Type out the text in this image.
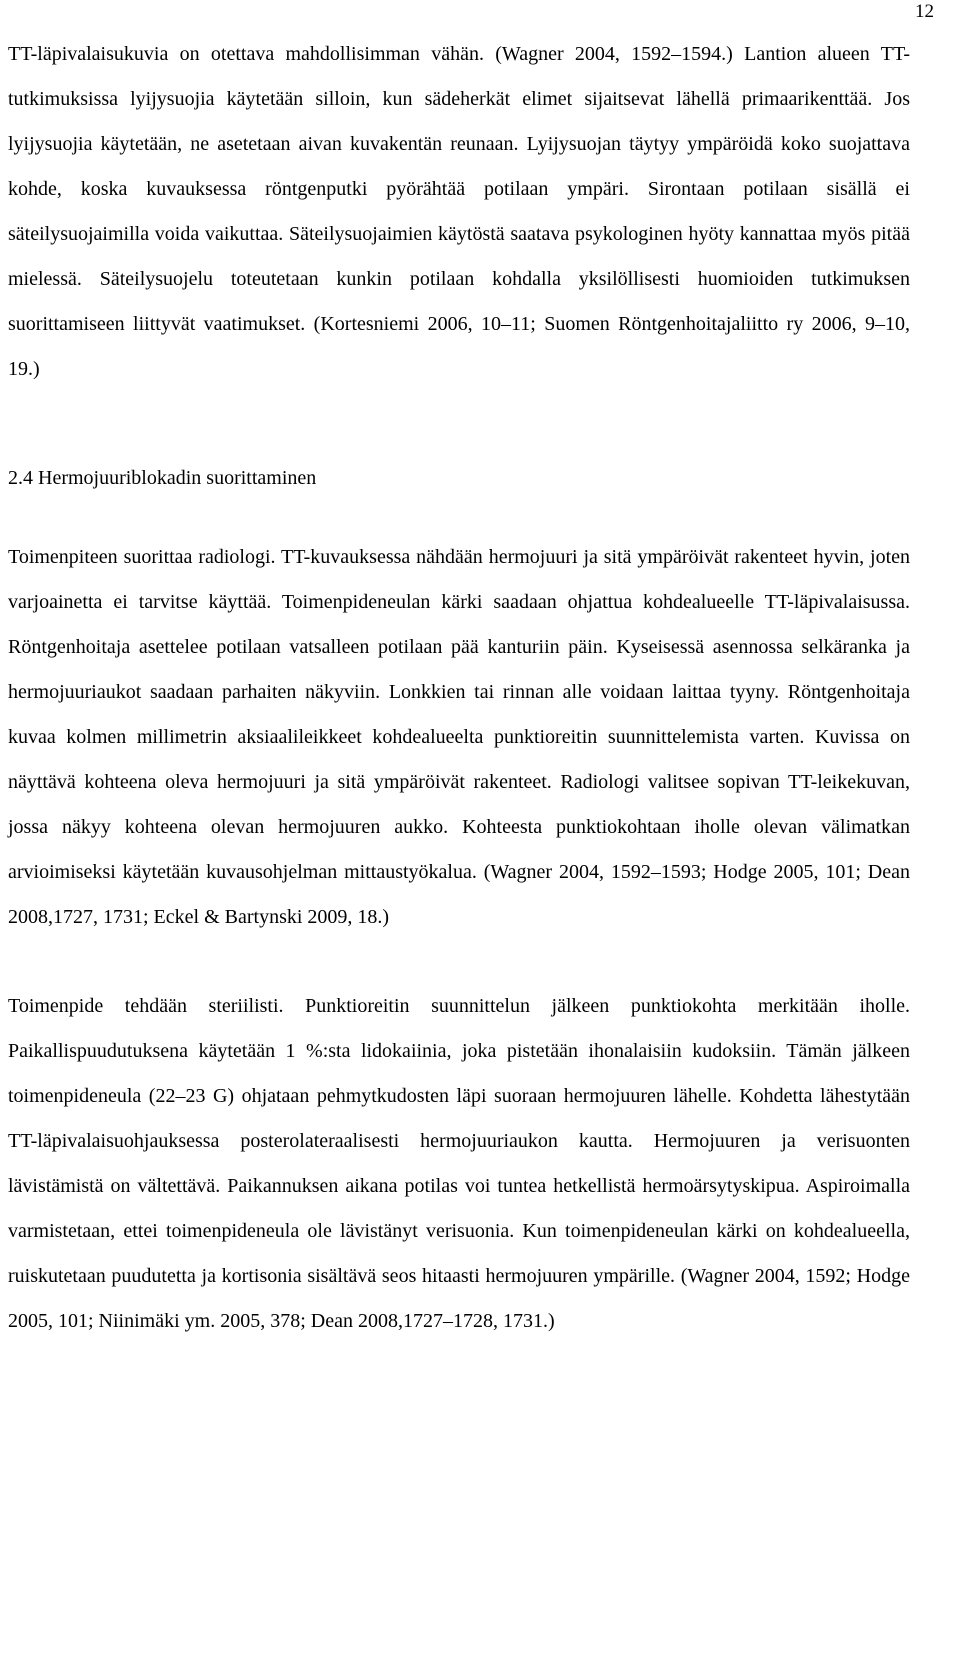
12

TT-läpivalaisukuvia on otettava mahdollisimman vähän. (Wagner 2004, 1592–1594.) Lantion alueen TT-tutkimuksissa lyijysuojia käytetään silloin, kun sädeherkät elimet sijaitsevat lähellä primaarikenttää. Jos lyijysuojia käytetään, ne asetetaan aivan kuvakentän reunaan. Lyijysuojan täytyy ympäröidä koko suojattava kohde, koska kuvauksessa röntgenputki pyörähtää potilaan ympäri. Sirontaan potilaan sisällä ei säteilysuojaimilla voida vaikuttaa. Säteilysuojaimien käytöstä saatava psykologinen hyöty kannattaa myös pitää mielessä. Säteilysuojelu toteutetaan kunkin potilaan kohdalla yksilöllisesti huomioiden tutkimuksen suorittamiseen liittyvät vaatimukset. (Kortesniemi 2006, 10–11; Suomen Röntgenhoitajaliitto ry 2006, 9–10, 19.)

2.4 Hermojuuriblokadin suorittaminen

Toimenpiteen suorittaa radiologi. TT-kuvauksessa nähdään hermojuuri ja sitä ympäröivät rakenteet hyvin, joten varjoainetta ei tarvitse käyttää. Toimenpideneulan kärki saadaan ohjattua kohdealueelle TT-läpivalaisussa. Röntgenhoitaja asettelee potilaan vatsalleen potilaan pää kanturiin päin. Kyseisessä asennossa selkäranka ja hermojuuriaukot saadaan parhaiten näkyviin. Lonkkien tai rinnan alle voidaan laittaa tyyny. Röntgenhoitaja kuvaa kolmen millimetrin aksiaalileikkeet kohdealueelta punktioreitin suunnittelemista varten. Kuvissa on näyttävä kohteena oleva hermojuuri ja sitä ympäröivät rakenteet. Radiologi valitsee sopivan TT-leikekuvan, jossa näkyy kohteena olevan hermojuuren aukko. Kohteesta punktiokohtaan iholle olevan välimatkan arvioimiseksi käytetään kuvausohjelman mittaustyökalua. (Wagner 2004, 1592–1593; Hodge 2005, 101; Dean 2008,1727, 1731; Eckel & Bartynski 2009, 18.)

Toimenpide tehdään steriilisti. Punktioreitin suunnittelun jälkeen punktiokohta merkitään iholle. Paikallispuudutuksena käytetään 1 %:sta lidokaiinia, joka pistetään ihonalaisiin kudoksiin. Tämän jälkeen toimenpideneula (22–23 G) ohjataan pehmytkudosten läpi suoraan hermojuuren lähelle. Kohdetta lähestytään TT-läpivalaisuohjauksessa posterolateraalisesti hermojuuriaukon kautta. Hermojuuren ja verisuonten lävistämistä on vältettävä. Paikannuksen aikana potilas voi tuntea hetkellistä hermoärsytyskipua. Aspiroimalla varmistetaan, ettei toimenpideneula ole lävistänyt verisuonia. Kun toimenpideneulan kärki on kohdealueella, ruiskutetaan puudutetta ja kortisonia sisältävä seos hitaasti hermojuuren ympärille. (Wagner 2004, 1592; Hodge 2005, 101; Niinimäki ym. 2005, 378; Dean 2008,1727–1728, 1731.)
